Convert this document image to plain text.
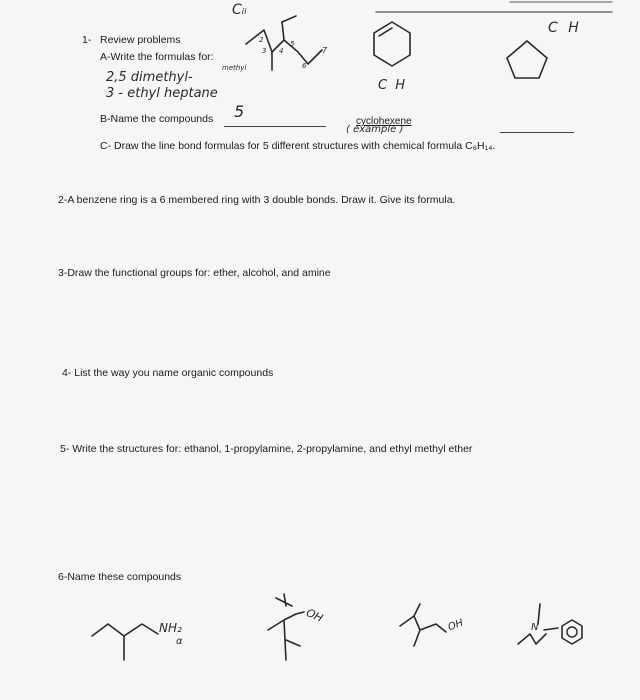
1- Review problems
A-Write the formulas for:
2,5 dimethyl-
methyl
3 - ethyl heptane
Cᵢᵢ
2
3 4
5
6
7
C H
C H
5
B-Name the compounds	cyclohexene
( example )
C- Draw the line bond formulas for 5 different structures with chemical formula C₆H₁₄.
2-A benzene ring is a 6 membered ring with 3 double bonds. Draw it. Give its formula.
3-Draw the functional groups for: ether, alcohol, and amine
4- List the way you name organic compounds
5- Write the structures for: ethanol, 1-propylamine, 2-propylamine, and ethyl methyl ether
6-Name these compounds
NH₂
α
OH
OH	N
